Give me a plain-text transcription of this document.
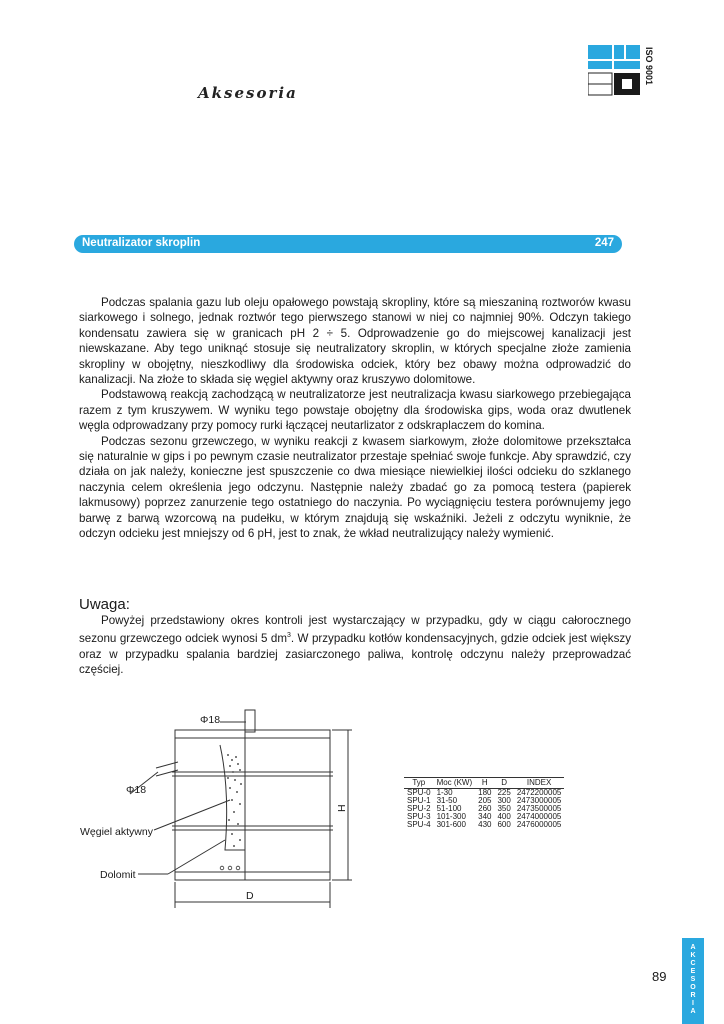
Aksesoria
ISO 9001
Neutralizator skroplin	247

Podczas spalania gazu lub oleju opałowego powstają skropliny, które są mieszaniną roztworów kwasu siarkowego i solnego, jednak roztwór tego pierwszego stanowi w niej co najmniej 90%. Odczyn takiego kondensatu zawiera się w granicach pH 2 ÷ 5. Odprowadzenie go do miejscowej kanalizacji jest niewskazane. Aby tego uniknąć stosuje się neutralizatory skroplin, w których specjalne złoże zamienia skropliny w obojętny, nieszkodliwy dla środowiska odciek, który bez obawy można odprowadzić do kanalizacji. Na złoże to składa się węgiel aktywny oraz kruszywo dolomitowe.

Podstawową reakcją zachodzącą w neutralizatorze jest neutralizacja kwasu siarkowego przebiegająca razem z tym kruszywem. W wyniku tego powstaje obojętny dla środowiska gips, woda oraz dwutlenek węgla odprowadzany przy pomocy rurki łączącej neutarlizator z odskraplaczem do komina.

Podczas sezonu grzewczego, w wyniku reakcji z kwasem siarkowym, złoże dolomitowe przekształca się naturalnie w gips i po pewnym czasie neutralizator przestaje spełniać swoje funkcje. Aby sprawdzić, czy działa on jak należy, konieczne jest spuszczenie co dwa miesiące niewielkiej ilości odcieku do szklanego naczynia celem określenia jego odczynu. Następnie należy zbadać go za pomocą testera (papierek lakmusowy) poprzez zanurzenie tego ostatniego do naczynia. Po wyciągnięciu testera porównujemy jego barwę z barwą wzorcową na pudełku, w którym znajdują się wskaźniki. Jeżeli z odczytu wyniknie, że odczyn odcieku jest mniejszy od 6 pH, jest to znak, że wkład neutralizujący należy wymienić.

Uwaga:

Powyżej przedstawiony okres kontroli jest wystarczający w przypadku, gdy w ciągu całorocznego sezonu grzewczego odciek wynosi 5 $dm^3$. W przypadku kotłów kondensacyjnych, gdzie odciek jest większy oraz w przypadku spalania bardziej zasiarczonego paliwa, kontrolę odczynu należy przeprowadzać częściej.

Φ18
Φ18
Węgiel aktywny
Dolomit
D
H
Typ	Moc (KW)	H	D	INDEX
SPU-0	1-30	180	225	2472200005
SPU-1	31-50	205	300	2473000005
SPU-2	51-100	260	350	2473500005
SPU-3	101-300	340	400	2474000005
SPU-4	301-600	430	600	2476000005
89
A
K
C
E
S
O
R
I
A
